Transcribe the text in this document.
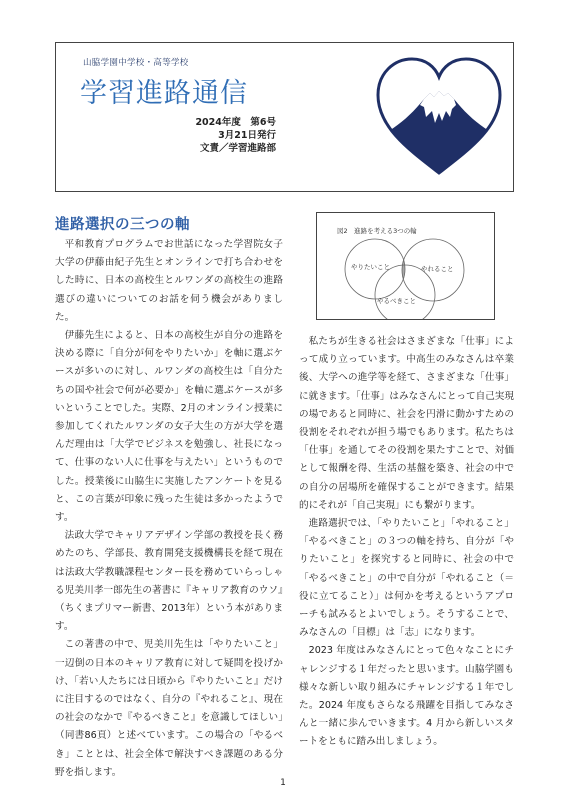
山脇学園中学校・高等学校
学習進路通信
2024年度　第6号
3月21日発行
文責／学習進路部
進路選択の三つの軸

平和教育プログラムでお世話になった学習院女子大学の伊藤由紀子先生とオンラインで打ち合わせをした時に、日本の高校生とルワンダの高校生の進路選びの違いについてのお話を伺う機会がありました。

伊藤先生によると、日本の高校生が自分の進路を決める際に「自分が何をやりたいか」を軸に選ぶケースが多いのに対し、ルワンダの高校生は「自分たちの国や社会で何が必要か」を軸に選ぶケースが多いということでした。実際、2月のオンライン授業に参加してくれたルワンダの女子大生の方が大学を選んだ理由は「大学でビジネスを勉強し、社長になって、仕事のない人に仕事を与えたい」というものでした。授業後に山脇生に実施したアンケートを見ると、この言葉が印象に残った生徒は多かったようです。

法政大学でキャリアデザイン学部の教授を長く務めたのち、学部長、教育開発支援機構長を経て現在は法政大学教職課程センター長を務めていらっしゃる児美川孝一郎先生の著書に『キャリア教育のウソ』（ちくまプリマー新書、2013年）という本があります。

この著書の中で、児美川先生は「やりたいこと」一辺倒の日本のキャリア教育に対して疑問を投げかけ、「若い人たちには日頃から『やりたいこと』だけに注目するのではなく、自分の『やれること』、現在の社会のなかで『やるべきこと』を意識してほしい」（同書86頁）と述べています。この場合の「やるべき」こととは、社会全体で解決すべき課題のある分野を指します。

図2　進路を考える3つの輪
やりたいこと	やれること
やるべきこと

私たちが生きる社会はさまざまな「仕事」によって成り立っています。中高生のみなさんは卒業後、大学への進学等を経て、さまざまな「仕事」に就きます。「仕事」はみなさんにとって自己実現の場であると同時に、社会を円滑に動かすための役割をそれぞれが担う場でもあります。私たちは「仕事」を通してその役割を果たすことで、対価として報酬を得、生活の基盤を築き、社会の中での自分の居場所を確保することができます。結果的にそれが「自己実現」にも繋がります。

進路選択では、「やりたいこと」「やれること」「やるべきこと」の３つの軸を持ち、自分が「やりたいこと」を探究すると同時に、社会の中で「やるべきこと」の中で自分が「やれること（＝役に立てること）」は何かを考えるというアプローチも試みるとよいでしょう。そうすることで、みなさんの「目標」は「志」になります。

2023 年度はみなさんにとって色々なことにチャレンジする１年だったと思います。山脇学園も様々な新しい取り組みにチャレンジする１年でした。2024 年度もさらなる飛躍を目指してみなさんと一緒に歩んでいきます。4 月から新しいスタートをともに踏み出しましょう。

1
